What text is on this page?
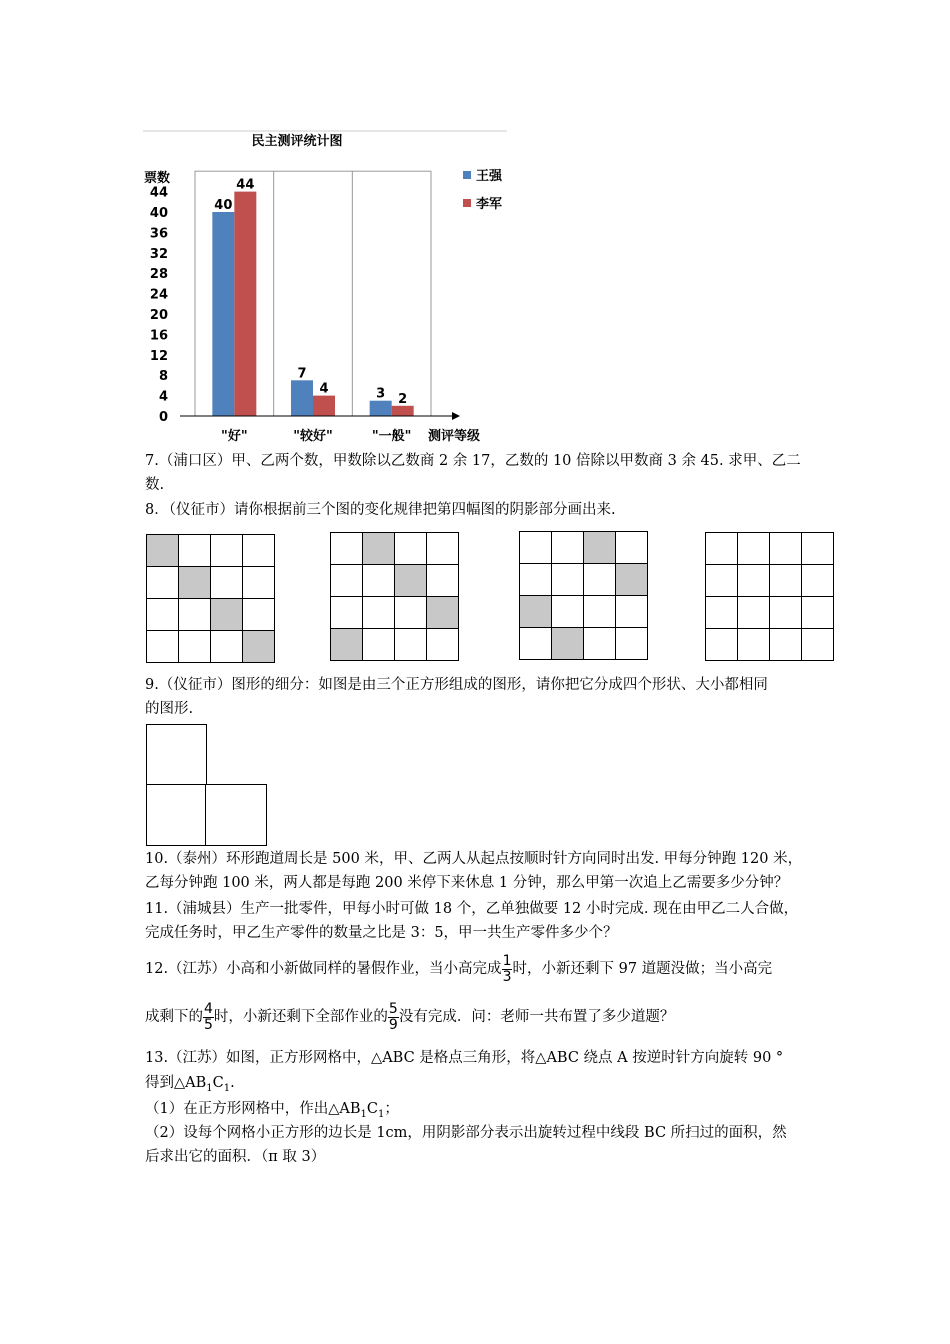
民主测评统计图
票数
0
4
8
12
16
20
24
28
32
36
40
44
40
44
7
4	3 2
"好"	"较好"	"一般" 测评等级
王强
李军
7.（浦口区）甲、乙两个数，甲数除以乙数商 2 余 17，乙数的 10 倍除以甲数商 3 余 45. 求甲、乙二
数.
8．（仪征市）请你根据前三个图的变化规律把第四幅图的阴影部分画出来.
9.（仪征市）图形的细分：如图是由三个正方形组成的图形，请你把它分成四个形状、大小都相同
的图形.
10.（泰州）环形跑道周长是 500 米，甲、乙两人从起点按顺时针方向同时出发. 甲每分钟跑 120 米，
乙每分钟跑 100 米，两人都是每跑 200 米停下来休息 1 分钟，那么甲第一次追上乙需要多少分钟？
11.（浦城县）生产一批零件，甲每小时可做 18 个，乙单独做要 12 小时完成. 现在由甲乙二人合做，
完成任务时，甲乙生产零件的数量之比是 3：5，甲一共生产零件多少个？
12.（江苏）小高和小新做同样的暑假作业，当小高完成 $\frac{1}{3}$ 时，小新还剩下 97 道题没做；当小高完
成剩下的 $\frac{4}{5}$ 时，小新还剩下全部作业的 $\frac{5}{9}$ 没有完成．问：老师一共布置了多少道题？
13.（江苏）如图，正方形网格中，△ABC 是格点三角形，将△ABC 绕点 A 按逆时针方向旋转 90 °
得到$\triangle AB_1C_1$.
（1）在正方形网格中，作出$\triangle AB_1C_1$；
（2）设每个网格小正方形的边长是 1cm，用阴影部分表示出旋转过程中线段 BC 所扫过的面积，然
后求出它的面积．（π 取 3）
